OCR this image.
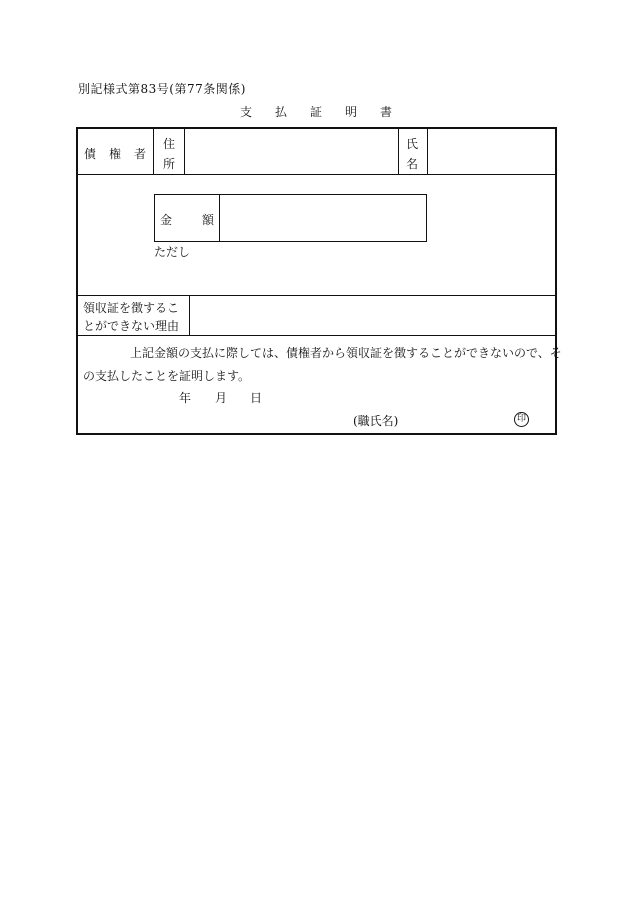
別記様式第83号(第77条関係)
支 払 証 明 書
債 権 者
住
所
氏
名
金 額
ただし
領収証を徴するこ
とができない理由
上記金額の支払に際しては、債権者から領収証を徴することができないので、そ
の支払したことを証明します。
年 月 日
(職氏名)	印
